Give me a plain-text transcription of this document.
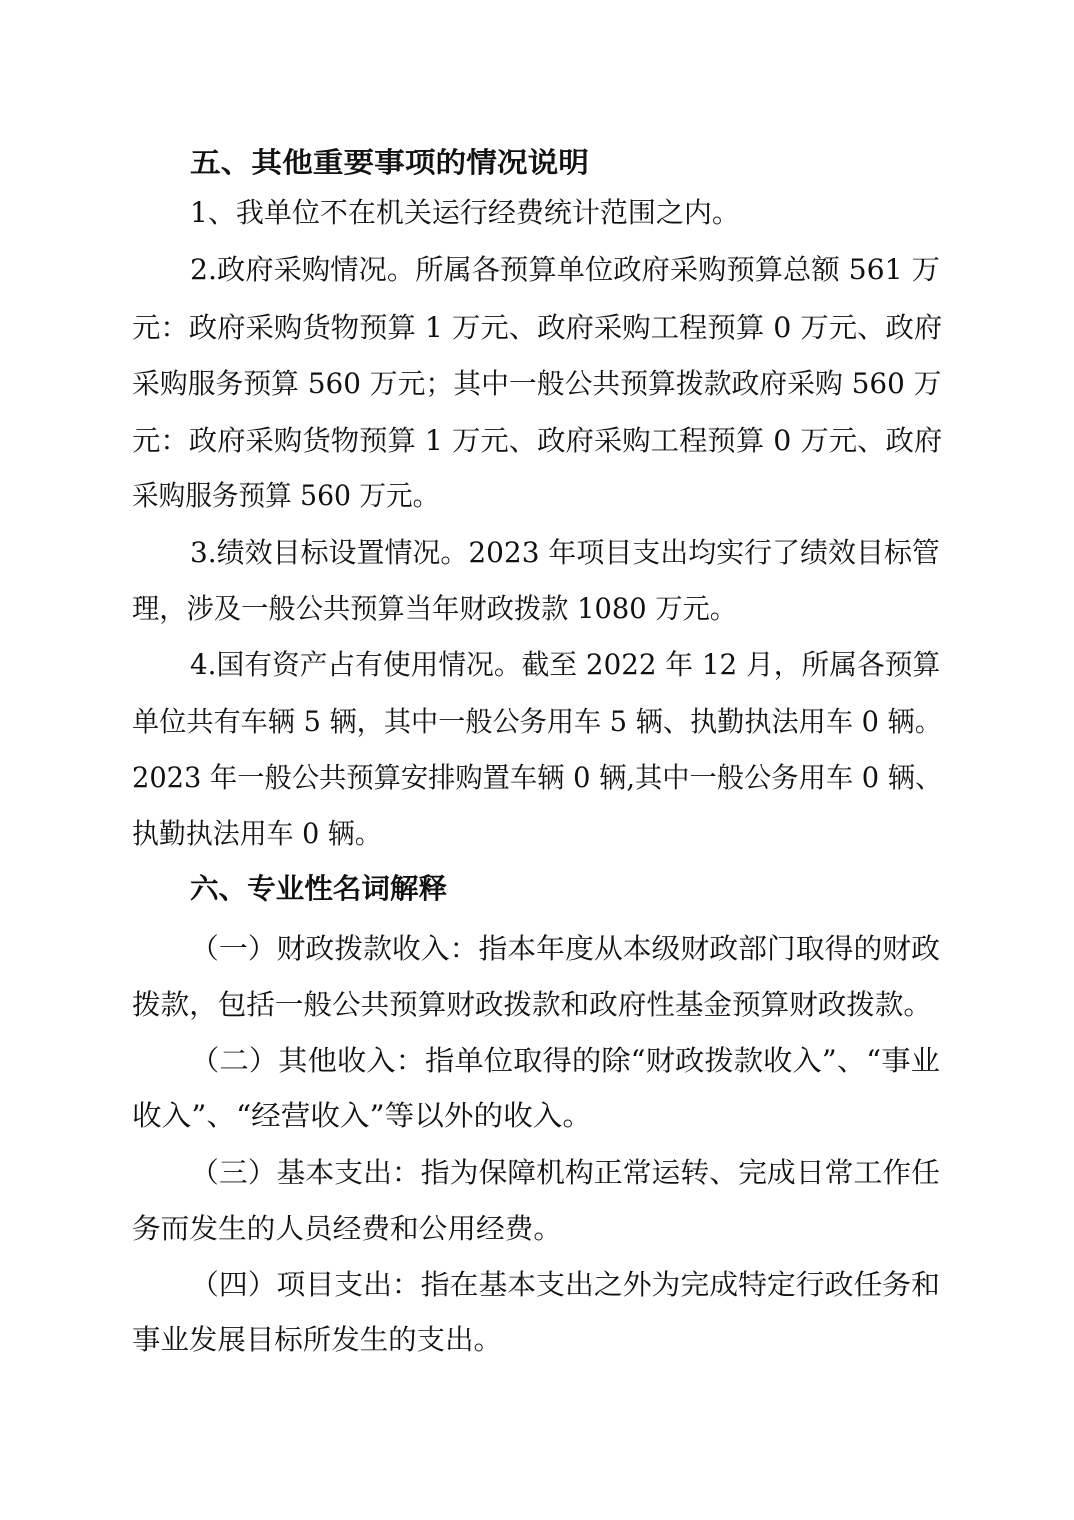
五、其他重要事项的情况说明
1、我单位不在机关运行经费统计范围之内。
2.政府采购情况。所属各预算单位政府采购预算总额 561 万
元：政府采购货物预算 1 万元、政府采购工程预算 0 万元、政府
采购服务预算 560 万元；其中一般公共预算拨款政府采购 560 万
元：政府采购货物预算 1 万元、政府采购工程预算 0 万元、政府
采购服务预算 560 万元。
3.绩效目标设置情况。2023 年项目支出均实行了绩效目标管
理，涉及一般公共预算当年财政拨款 1080 万元。
4.国有资产占有使用情况。截至 2022 年 12 月，所属各预算
单位共有车辆 5 辆，其中一般公务用车 5 辆、执勤执法用车 0 辆。
2023 年一般公共预算安排购置车辆 0 辆,其中一般公务用车 0 辆、
执勤执法用车 0 辆。
六、专业性名词解释
（一）财政拨款收入：指本年度从本级财政部门取得的财政
拨款，包括一般公共预算财政拨款和政府性基金预算财政拨款。
（二）其他收入：指单位取得的除“财政拨款收入”、“事业
收入”、“经营收入”等以外的收入。
（三）基本支出：指为保障机构正常运转、完成日常工作任
务而发生的人员经费和公用经费。
（四）项目支出：指在基本支出之外为完成特定行政任务和
事业发展目标所发生的支出。
